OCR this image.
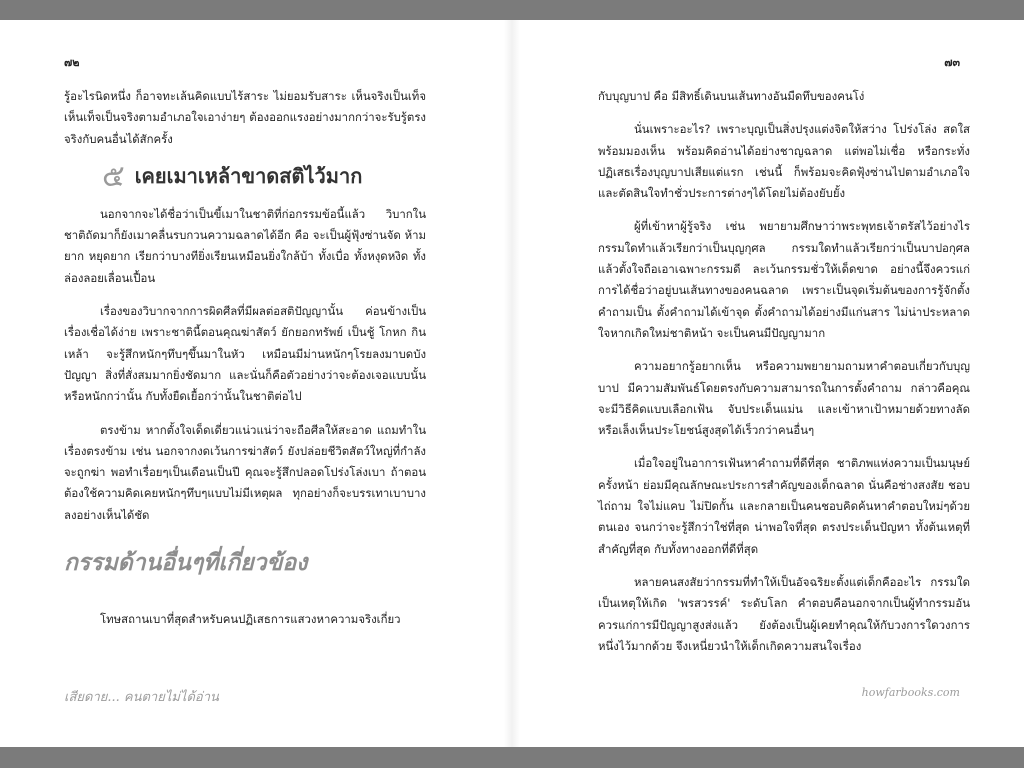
๗๒

รู้อะไรนิดหนึ่ง ก็อาจทะเล้นคิดแบบไร้สาระ ไม่ยอมรับสาระ เห็นจริงเป็นเท็จ เห็นเท็จเป็นจริงตามอำเภอใจเอาง่ายๆ ต้องออกแรงอย่างมากกว่าจะรับรู้ตรงจริงกับคนอื่นได้สักครั้ง

๕ เคยเมาเหล้าขาดสติไว้มาก

นอกจากจะได้ชื่อว่าเป็นขี้เมาในชาติที่ก่อกรรมข้อนี้แล้ว วิบากในชาติถัดมาก็ยังเมาคลื่นรบกวนความฉลาดได้อีก คือ จะเป็นผู้ฟุ้งซ่านจัด ห้ามยาก หยุดยาก เรียกว่าบางทียิ่งเรียนเหมือนยิ่งใกล้บ้า ทั้งเบื่อ ทั้งหงุดหงิด ทั้งล่องลอยเลื่อนเปื้อน

เรื่องของวิบากจากการผิดศีลที่มีผลต่อสติปัญญานั้น ค่อนข้างเป็นเรื่องเชื่อได้ง่าย เพราะชาตินี้ตอนคุณฆ่าสัตว์ ยักยอกทรัพย์ เป็นชู้ โกหก กินเหล้า จะรู้สึกหนักๆทึบๆขึ้นมาในหัว เหมือนมีม่านหนักๆโรยลงมาบดบังปัญญา สิ่งที่สั่งสมมากยิ่งชัดมาก และนั่นก็คือตัวอย่างว่าจะต้องเจอแบบนั้นหรือหนักกว่านั้น กับทั้งยืดเยื้อกว่านั้นในชาติต่อไป

ตรงข้าม หากตั้งใจเด็ดเดี่ยวแน่วแน่ว่าจะถือศีลให้สะอาด แถมทำในเรื่องตรงข้าม เช่น นอกจากงดเว้นการฆ่าสัตว์ ยังปล่อยชีวิตสัตว์ใหญ่ที่กำลังจะถูกฆ่า พอทำเรื่อยๆเป็นเดือนเป็นปี คุณจะรู้สึกปลอดโปร่งโล่งเบา ถ้าตอนต้องใช้ความคิดเคยหนักๆทึบๆแบบไม่มีเหตุผล ทุกอย่างก็จะบรรเทาเบาบางลงอย่างเห็นได้ชัด

กรรมด้านอื่นๆที่เกี่ยวข้อง

โทษสถานเบาที่สุดสำหรับคนปฏิเสธการแสวงหาความจริงเกี่ยว

เสียดาย... คนตายไม่ได้อ่าน
๗๓

กับบุญบาป คือ มีสิทธิ์เดินบนเส้นทางอันมืดทึบของคนโง่

นั่นเพราะอะไร? เพราะบุญเป็นสิ่งปรุงแต่งจิตให้สว่าง โปร่งโล่ง สดใส พร้อมมองเห็น พร้อมคิดอ่านได้อย่างชาญฉลาด แต่พอไม่เชื่อ หรือกระทั่งปฏิเสธเรื่องบุญบาปเสียแต่แรก เช่นนี้ ก็พร้อมจะคิดฟุ้งซ่านไปตามอำเภอใจ และตัดสินใจทำชั่วประการต่างๆได้โดยไม่ต้องยับยั้ง

ผู้ที่เข้าหาผู้รู้จริง เช่น พยายามศึกษาว่าพระพุทธเจ้าตรัสไว้อย่างไร กรรมใดทำแล้วเรียกว่าเป็นบุญกุศล กรรมใดทำแล้วเรียกว่าเป็นบาปอกุศล แล้วตั้งใจถือเอาเฉพาะกรรมดี ละเว้นกรรมชั่วให้เด็ดขาด อย่างนี้จึงควรแก่การได้ชื่อว่าอยู่บนเส้นทางของคนฉลาด เพราะเป็นจุดเริ่มต้นของการรู้จักตั้งคำถามเป็น ตั้งคำถามได้เข้าจุด ตั้งคำถามได้อย่างมีแก่นสาร ไม่น่าประหลาดใจหากเกิดใหม่ชาติหน้า จะเป็นคนมีปัญญามาก

ความอยากรู้อยากเห็น หรือความพยายามถามหาคำตอบเกี่ยวกับบุญบาป มีความสัมพันธ์โดยตรงกับความสามารถในการตั้งคำถาม กล่าวคือคุณจะมีวิธีคิดแบบเลือกเฟ้น จับประเด็นแม่น และเข้าหาเป้าหมายด้วยทางลัด หรือเล็งเห็นประโยชน์สูงสุดได้เร็วกว่าคนอื่นๆ

เมื่อใจอยู่ในอาการเฟ้นหาคำถามที่ดีที่สุด ชาติภพแห่งความเป็นมนุษย์ครั้งหน้า ย่อมมีคุณลักษณะประการสำคัญของเด็กฉลาด นั่นคือช่างสงสัย ชอบไถ่ถาม ใจไม่แคบ ไม่ปิดกั้น และกลายเป็นคนชอบคิดค้นหาคำตอบใหม่ๆด้วยตนเอง จนกว่าจะรู้สึกว่าใช่ที่สุด น่าพอใจที่สุด ตรงประเด็นปัญหา ทั้งต้นเหตุที่สำคัญที่สุด กับทั้งทางออกที่ดีที่สุด

หลายคนสงสัยว่ากรรมที่ทำให้เป็นอัจฉริยะตั้งแต่เด็กคืออะไร กรรมใดเป็นเหตุให้เกิด 'พรสวรรค์' ระดับโลก คำตอบคือนอกจากเป็นผู้ทำกรรมอันควรแก่การมีปัญญาสูงส่งแล้ว ยังต้องเป็นผู้เคยทำคุณให้กับวงการใดวงการหนึ่งไว้มากด้วย จึงเหนี่ยวนำให้เด็กเกิดความสนใจเรื่อง

howfarbooks.com
